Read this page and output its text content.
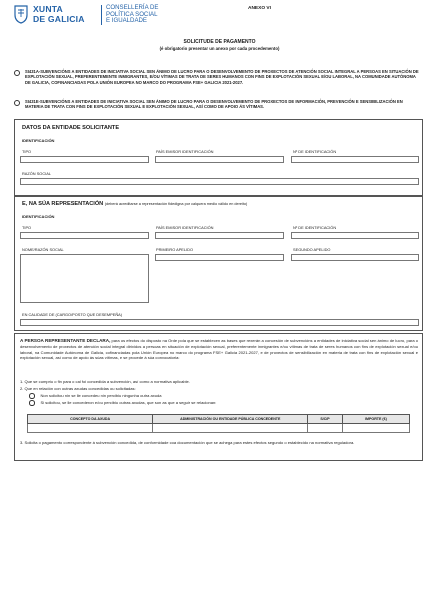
XUNTA
DE GALICIA
CONSELLERÍA DE
POLÍTICA SOCIAL
E IGUALDADE
ANEXO VI
SOLICITUDE DE PAGAMENTO
(é obrigatorio presentar un anexo por cada procedemento)
SI431A-SUBVENCIÓNS A ENTIDADES DE INICIATIVA SOCIAL SEN ÁNIMO DE LUCRO PARA O DESENVOLVEMENTO DE PROXECTOS DE ATENCIÓN SOCIAL INTEGRAL A PERSOAS EN SITUACIÓN DE EXPLOTACIÓN SEXUAL, PREFERENTEMENTE INMIGRANTES, E/OU VÍTIMAS DE TRATA DE SERES HUMANOS CON FINS DE EXPLOTACIÓN SEXUAL E/OU LABORAL, NA COMUNIDADE AUTÓNOMA DE GALICIA, COFINANCIADAS POLA UNIÓN EUROPEA NO MARCO DO PROGRAMA FSE+ GALICIA 2021-2027.
SI431E-SUBVENCIÓNS A ENTIDADES DE INICIATIVA SOCIAL SEN ÁNIMO DE LUCRO PARA O DESENVOLVEMENTO DE PROXECTOS DE INFORMACIÓN, PREVENCIÓN E SENSIBILIZACIÓN EN MATERIA DE TRATA CON FINS DE EXPLOTACIÓN SEXUAL E EXPLOTACIÓN SEXUAL, ASÍ COMO DE APOIO ÁS VÍTIMAS.
DATOS DA ENTIDADE SOLICITANTE
IDENTIFICACIÓN
TIPO	PAÍS EMISOR IDENTIFICACIÓN	Nº DE IDENTIFICACIÓN
RAZÓN SOCIAL
E, NA SÚA REPRESENTACIÓN (deberá acreditarse a representación fidedigna por calquera medio válido en dereito)
IDENTIFICACIÓN
TIPO	PAÍS EMISOR IDENTIFICACIÓN	Nº DE IDENTIFICACIÓN
NOME/RAZÓN SOCIAL	PRIMEIRO APELIDO	SEGUNDO APELIDO
EN CALIDADE DE (CARGO/POSTO QUE DESEMPEÑA)
A PERSOA REPRESENTANTE DECLARA, para os efectos do disposto na Orde pola que se establecen as bases que rexerán a concesión de subvencións a entidades de iniciativa social sen ánimo de lucro, para o desenvolvemento de proxectos de atención social integral dirixidos a persoas en situación de explotación sexual, preferentemente inmigrantes e/ou vítimas de trata de seres humanos con fins de explotación sexual e/ou laboral, na Comunidade Autónoma de Galicia, cofinanciadas pola Unión Europea no marco do programa FSE+ Galicia 2021-2027, e de proxectos de sensibilización en materia de trata con fins de explotación sexual e explotación sexual, así como de apoio ás súas vítimas, e se procede á súa convocatoria:
1. Que se cumpriu o fin para o cal foi concedida a subvención, así como a normativa aplicable.
2. Que en relación con outras axudas concedidas ou solicitadas:
Non solicitou nin se lle concedeu nin percibiu ningunha outra axuda
Si solicitou, se lle concederon e/ou percibiu outras axudas, que son as que a seguir se relacionan:
CONCEPTO DA AXUDA	ADMINISTRACIÓN OU ENTIDADE PÚBLICA CONCEDENTE	S/C/P	IMPORTE (€)

3. Solicita o pagamento correspondente á subvención concedida, de conformidade coa documentación que se achega para estes efectos segundo o establecido na normativa reguladora.
